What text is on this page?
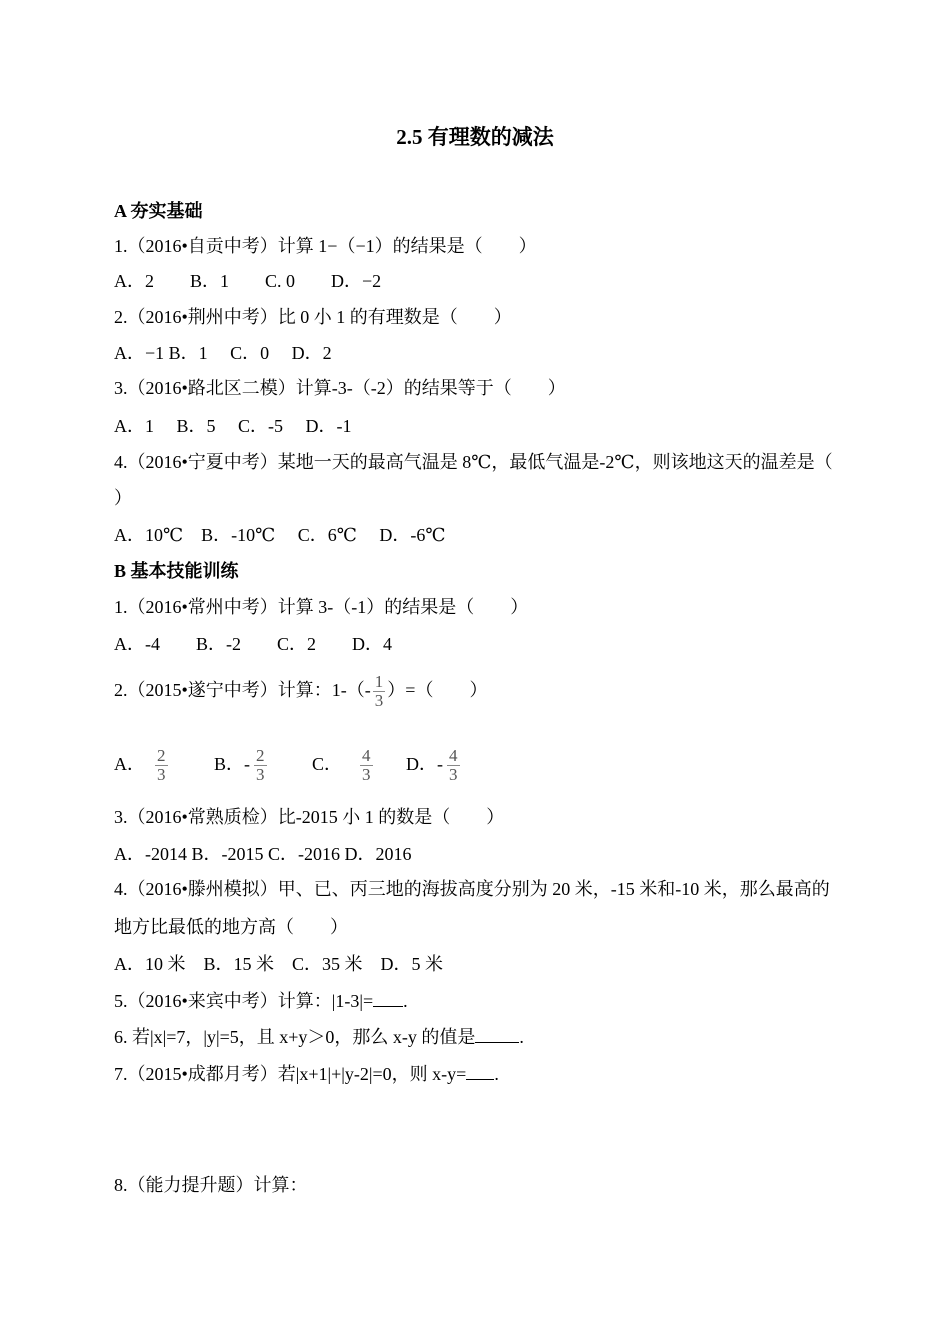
2.5 有理数的减法
A 夯实基础
1.（2016•自贡中考）计算 1−（−1）的结果是（　　）
A．2　　B．1　　C. 0　　D．−2
2.（2016•荆州中考）比 0 小 1 的有理数是（　　）
A．−1 B．1　 C．0　 D．2
3.（2016•路北区二模）计算-3-（-2）的结果等于（　　）
A．1　 B．5　 C．-5　 D．-1
4.（2016•宁夏中考）某地一天的最高气温是 8℃，最低气温是-2℃，则该地这天的温差是（
）
A．10℃　B．-10℃　 C．6℃　 D．-6℃
B 基本技能训练
1.（2016•常州中考）计算 3-（-1）的结果是（　　）
A．-4　　B．-2　　C．2　　D．4
2.（2015•遂宁中考）计算：$1-(- \frac{1}{3}$ ）=（　　）
A． $\frac{2}{3}$	B．- $\frac{2}{3}$	C． $\frac{4}{3}$ D．- $\frac{4}{3}$
3.（2016•常熟质检）比-2015 小 1 的数是（　　）
A．-2014 B．-2015 C．-2016 D．2016
4.（2016•滕州模拟）甲、已、丙三地的海拔高度分别为 20 米，-15 米和-10 米，那么最高的
地方比最低的地方高（　　）
A．10 米　B．15 米　C．35 米　D．5 米
5.（2016•来宾中考）计算：|1-3|= .
6. 若|x|=7，|y|=5，且 x+y＞0，那么 x-y 的值是 .
7.（2015•成都月考）若|x+1|+|y-2|=0，则 x-y= .
8.（能力提升题）计算：
